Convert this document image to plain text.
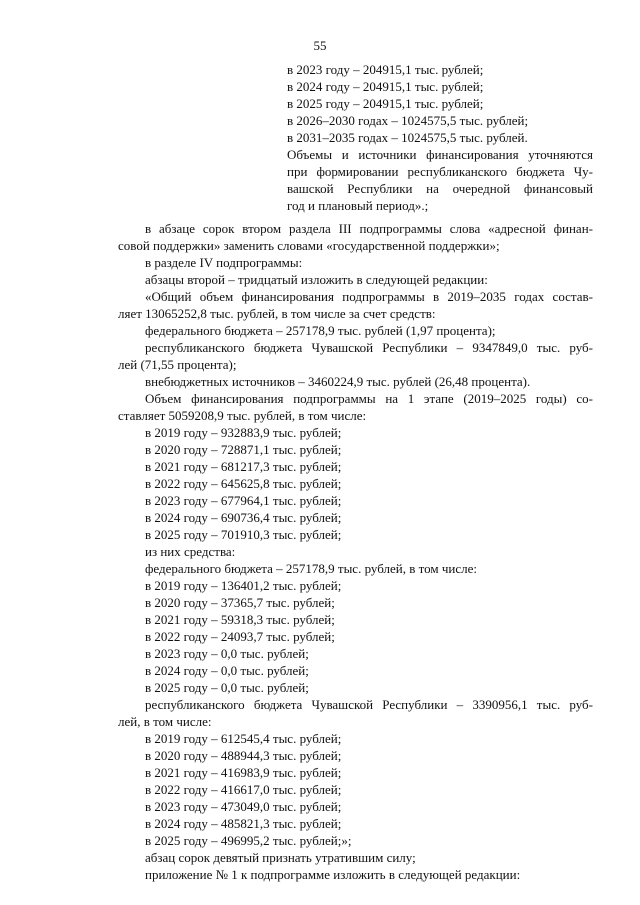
55
в 2023 году – 204915,1 тыс. рублей;
в 2024 году – 204915,1 тыс. рублей;
в 2025 году – 204915,1 тыс. рублей;
в 2026–2030 годах – 1024575,5 тыс. рублей;
в 2031–2035 годах – 1024575,5 тыс. рублей.
Объемы и источники финансирования уточняются
при формировании республиканского бюджета Чу-
вашской Республики на очередной финансовый
год и плановый период».;
в абзаце сорок втором раздела III подпрограммы слова «адресной финан-
совой поддержки» заменить словами «государственной поддержки»;
в разделе IV подпрограммы:
абзацы второй – тридцатый изложить в следующей редакции:
«Общий объем финансирования подпрограммы в 2019–2035 годах состав-
ляет 13065252,8 тыс. рублей, в том числе за счет средств:
федерального бюджета – 257178,9 тыс. рублей (1,97 процента);
республиканского бюджета Чувашской Республики – 9347849,0 тыс. руб-
лей (71,55 процента);
внебюджетных источников – 3460224,9 тыс. рублей (26,48 процента).
Объем финансирования подпрограммы на 1 этапе (2019–2025 годы) со-
ставляет 5059208,9 тыс. рублей, в том числе:
в 2019 году – 932883,9 тыс. рублей;
в 2020 году – 728871,1 тыс. рублей;
в 2021 году – 681217,3 тыс. рублей;
в 2022 году – 645625,8 тыс. рублей;
в 2023 году – 677964,1 тыс. рублей;
в 2024 году – 690736,4 тыс. рублей;
в 2025 году – 701910,3 тыс. рублей;
из них средства:
федерального бюджета – 257178,9 тыс. рублей, в том числе:
в 2019 году – 136401,2 тыс. рублей;
в 2020 году – 37365,7 тыс. рублей;
в 2021 году – 59318,3 тыс. рублей;
в 2022 году – 24093,7 тыс. рублей;
в 2023 году – 0,0 тыс. рублей;
в 2024 году – 0,0 тыс. рублей;
в 2025 году – 0,0 тыс. рублей;
республиканского бюджета Чувашской Республики – 3390956,1 тыс. руб-
лей, в том числе:
в 2019 году – 612545,4 тыс. рублей;
в 2020 году – 488944,3 тыс. рублей;
в 2021 году – 416983,9 тыс. рублей;
в 2022 году – 416617,0 тыс. рублей;
в 2023 году – 473049,0 тыс. рублей;
в 2024 году – 485821,3 тыс. рублей;
в 2025 году – 496995,2 тыс. рублей;»;
абзац сорок девятый признать утратившим силу;
приложение № 1 к подпрограмме изложить в следующей редакции:
